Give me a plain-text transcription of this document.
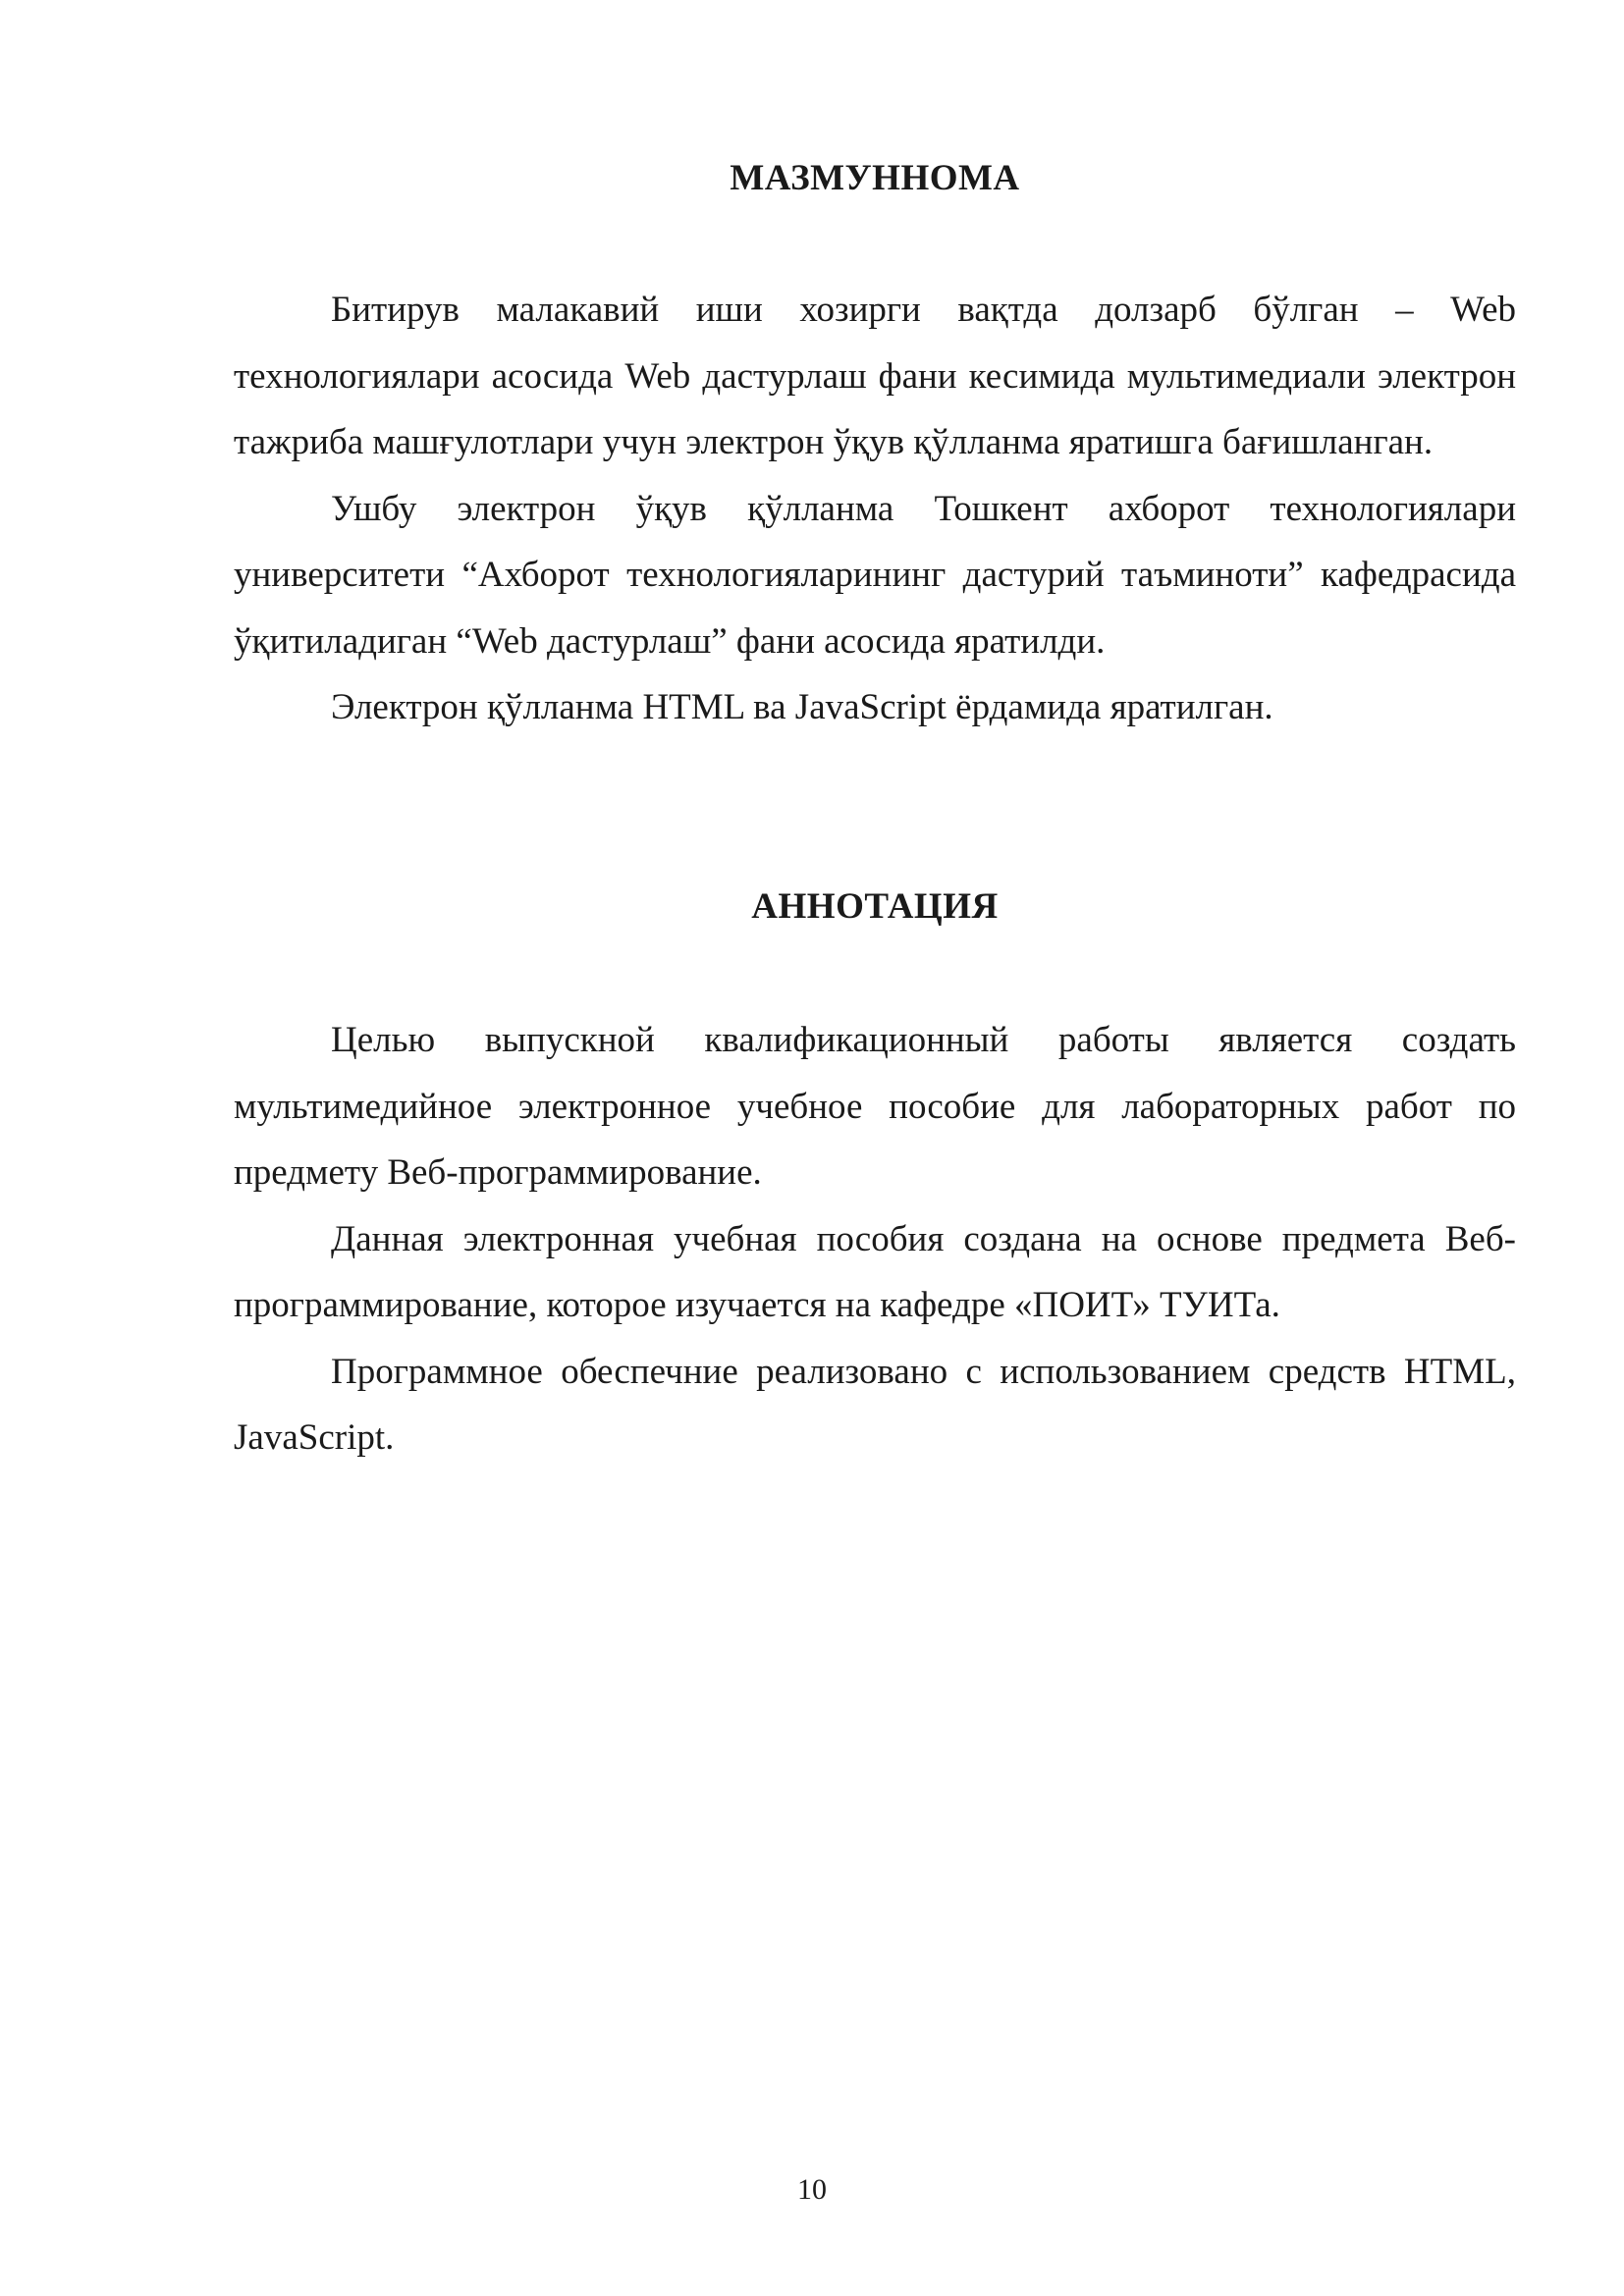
МАЗМУННОМА

Битирув малакавий иши хозирги вақтда долзарб бўлган – Web технологиялари асосида Web дастурлаш фани кесимида мультимедиали электрон тажриба машғулотлари учун электрон ўқув қўлланма яратишга бағишланган.

Ушбу электрон ўқув қўлланма Тошкент ахборот технологиялари университети “Ахборот технологияларининг дастурий таъминоти” кафедрасида ўқитиладиган “Web дастурлаш” фани асосида яратилди.

Электрон қўлланма HTML ва JavaScript ёрдамида яратилган.

АННОТАЦИЯ

Целью выпускной квалификационный работы является создать мультимедийное электронное учебное пособие для лабораторных работ по предмету Веб-программирование.

Данная электронная учебная пособия создана на основе предмета Веб-программирование, которое изучается на кафедре «ПОИТ» ТУИТа.

Программное обеспечние реализовано с использованием средств HTML, JavaScript.

10
